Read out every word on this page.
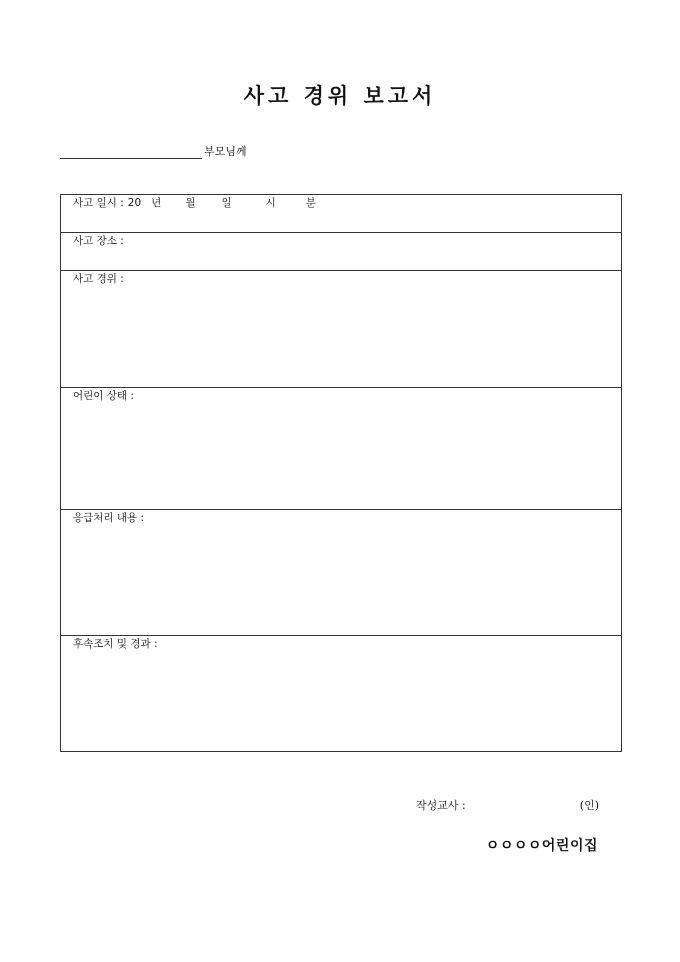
사고 경위 보고서
부모님께
사고 일시 : 20 년 월 일	시	분
사고 장소 :
사고 경위 :
어린이 상태 :
응급처리 내용 :
후속조치 및 경과 :
작성교사 :	(인)
ㅇㅇㅇㅇ어린이집
